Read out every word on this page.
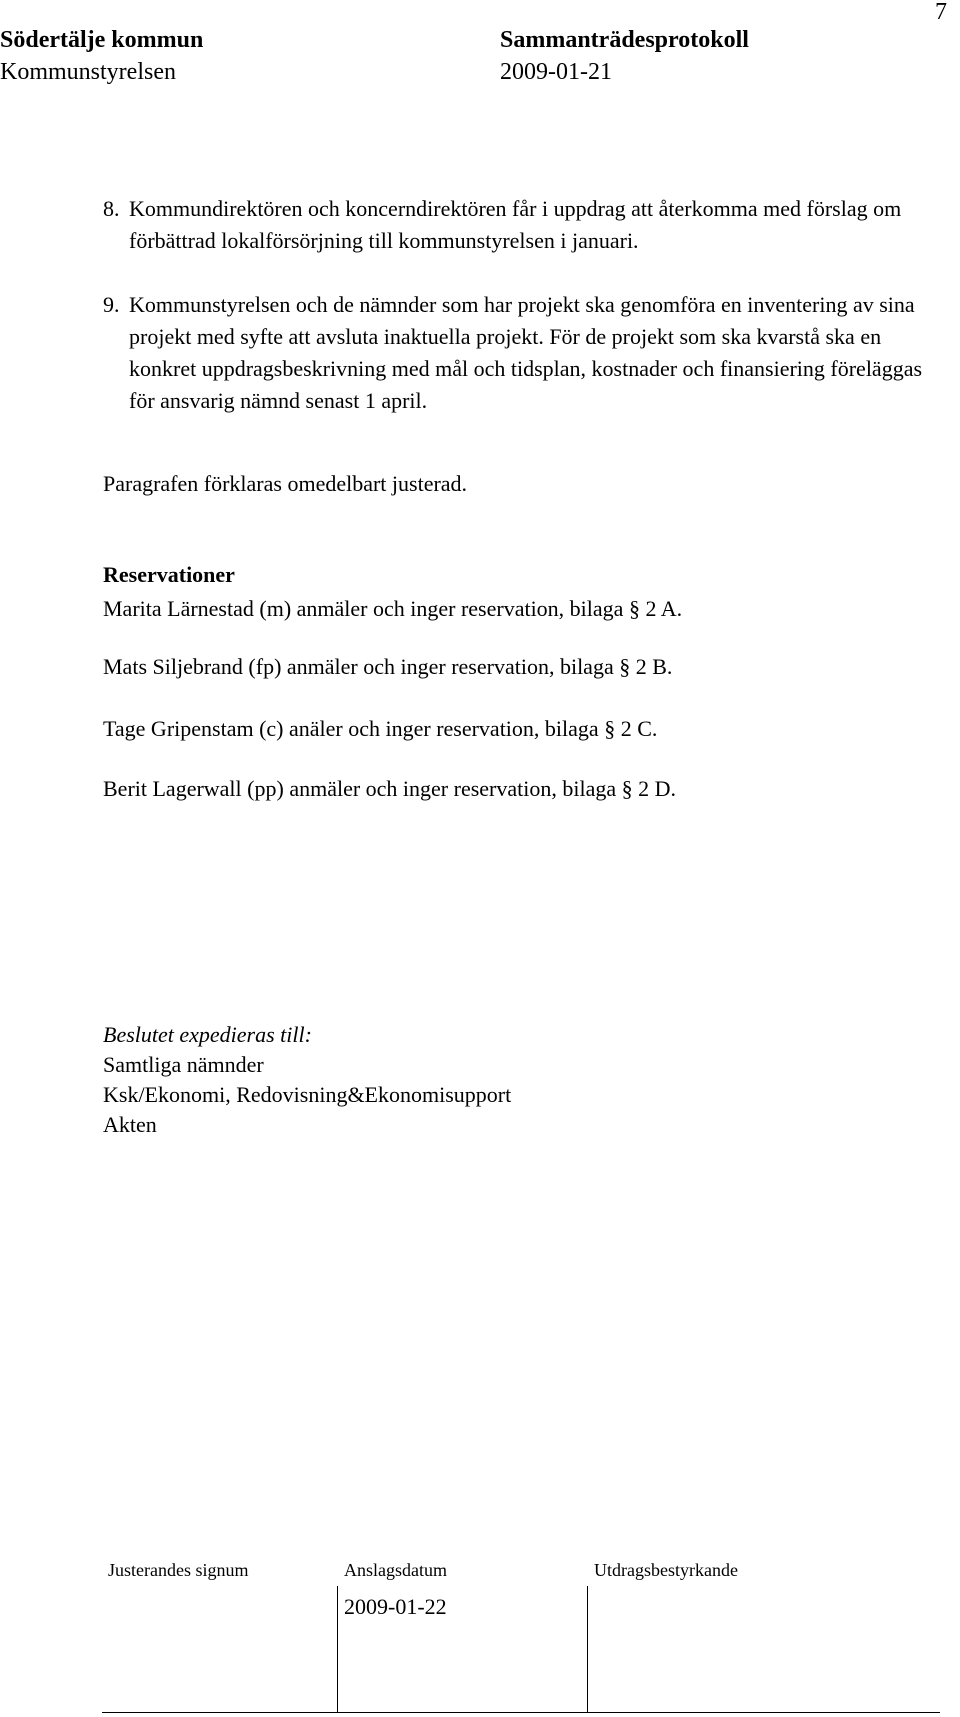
Södertälje kommun
Kommunstyrelsen
Sammanträdesprotokoll
2009-01-21
7
8. Kommundirektören och koncerndirektören får i uppdrag att återkomma med förslag om förbättrad lokalförsörjning till kommunstyrelsen i januari.
9. Kommunstyrelsen och de nämnder som har projekt ska genomföra en inventering av sina projekt med syfte att avsluta inaktuella projekt. För de projekt som ska kvarstå ska en konkret uppdragsbeskrivning med mål och tidsplan, kostnader och finansiering föreläggas för ansvarig nämnd senast 1 april.
Paragrafen förklaras omedelbart justerad.
Reservationer
Marita Lärnestad (m) anmäler och inger reservation, bilaga § 2 A.
Mats Siljebrand (fp) anmäler och inger reservation, bilaga § 2 B.
Tage Gripenstam (c) anäler och inger reservation, bilaga § 2 C.
Berit Lagerwall (pp) anmäler och inger reservation, bilaga § 2 D.
Beslutet expedieras till:
Samtliga nämnder
Ksk/Ekonomi, Redovisning&Ekonomisupport
Akten
Justerandes signum	Anslagsdatum	Utdragsbestyrkande
2009-01-22
